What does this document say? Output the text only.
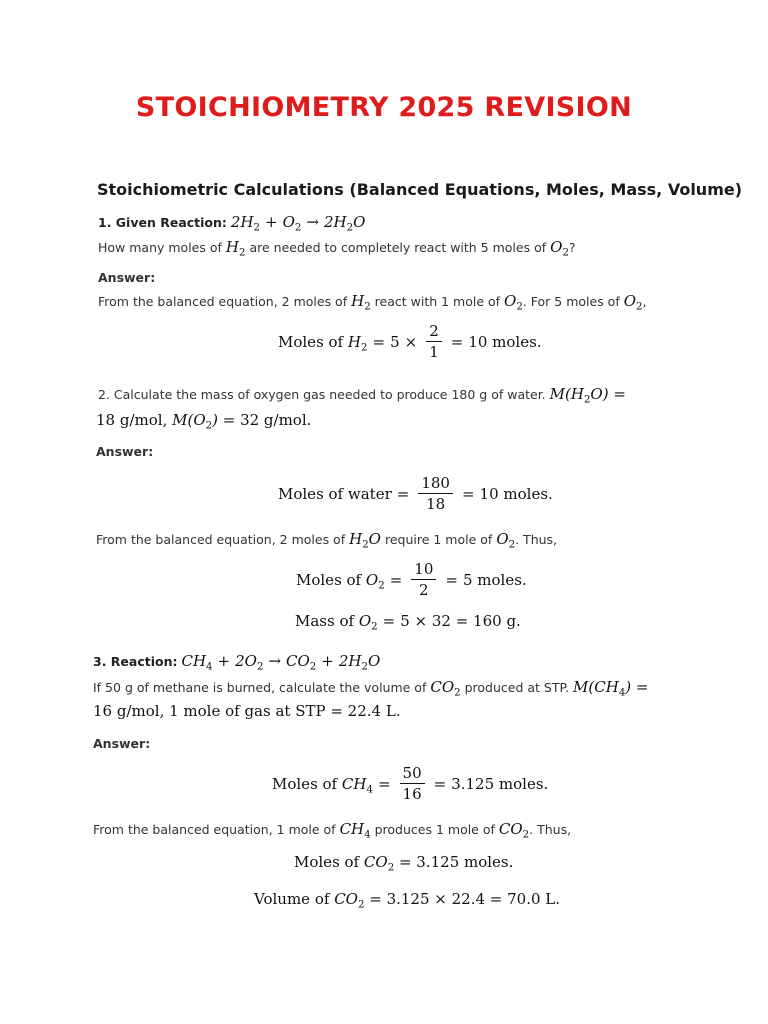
STOICHIOMETRY 2025 REVISION
Stoichiometric Calculations (Balanced Equations, Moles, Mass, Volume)
1. Given Reaction: $2H_2 + O_2 \to 2H_2O$
How many moles of $H_2$ are needed to completely react with 5 moles of $O_2$?
Answer:
From the balanced equation, 2 moles of $H_2$ react with 1 mole of $O_2$. For 5 moles of $O_2$,
Moles of
$H_2 = 5 \times \frac{2}{1} = 10$ moles.
2. Calculate the mass of oxygen gas needed to produce 180 g of water. $M(H_2O)$ =
18 g/mol, $M(O_2) = 32$ g/mol.
Answer:
Moles of water = $\frac{180}{18} = 10$ moles.
From the balanced equation, 2 moles of $H_2O$ require 1 mole of $O_2$. Thus,
Moles of
$O_2 = \frac{10}{2} = 5$ moles.
Mass of
$O_2 = 5 \times 32 = 160$ g.
3. Reaction: $CH_4 + 2O_2 \to CO_2 + 2H_2O$
If 50 g of methane is burned, calculate the volume of $CO_2$ produced at STP. $M(CH_4)$ =
16 g/mol, 1 mole of gas at STP = 22.4 L.
Answer:
Moles of
$CH_4 = \frac{50}{16} = 3.125$ moles.
From the balanced equation, 1 mole of $CH_4$ produces 1 mole of $CO_2$. Thus,
Moles of
$CO_2$
= 3.125 moles.
Volume of
$CO_2$
= 3.125 × 22.4 = 70.0 L.
